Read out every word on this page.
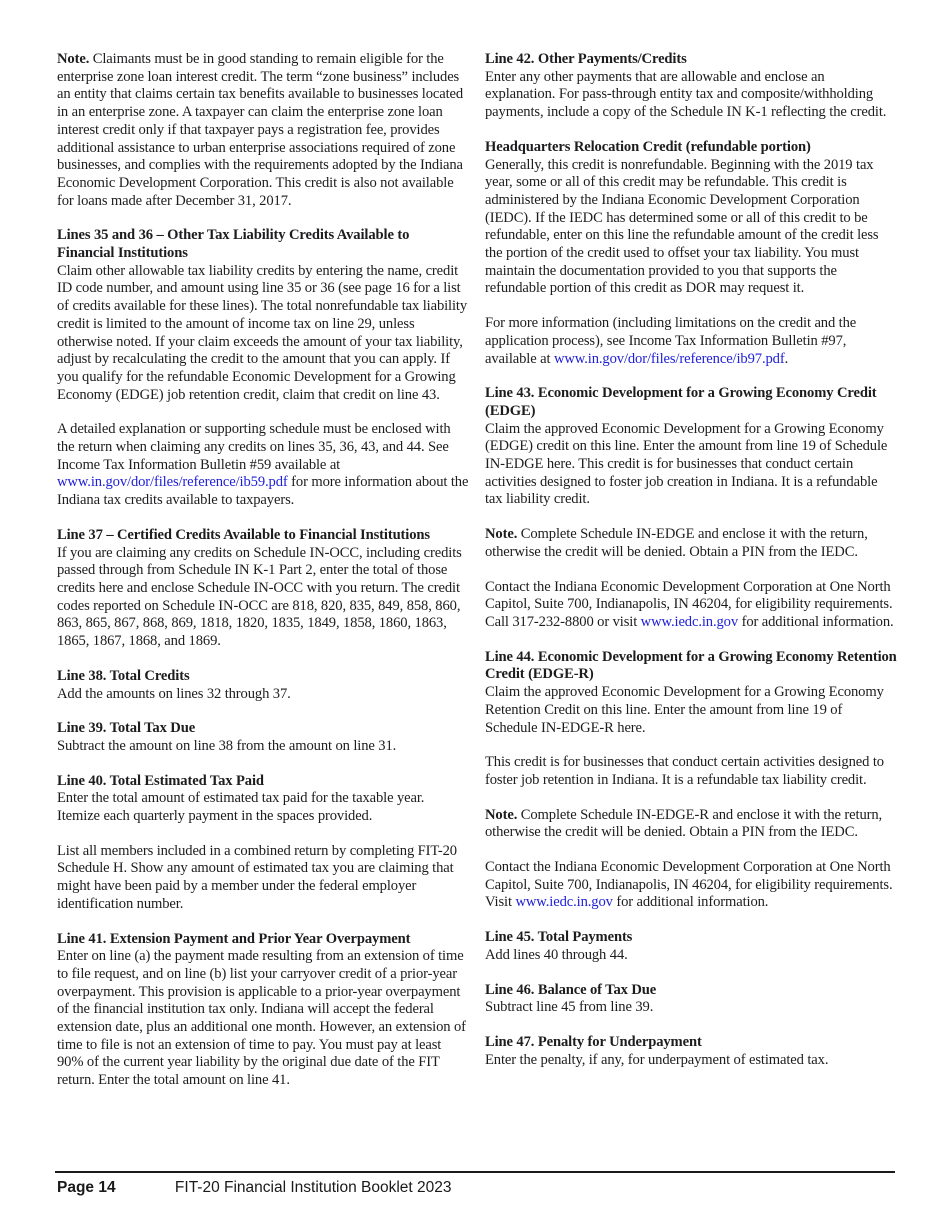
Note. Claimants must be in good standing to remain eligible for the enterprise zone loan interest credit. The term “zone business” includes an entity that claims certain tax benefits available to businesses located in an enterprise zone. A taxpayer can claim the enterprise zone loan interest credit only if that taxpayer pays a registration fee, provides additional assistance to urban enterprise associations required of zone businesses, and complies with the requirements adopted by the Indiana Economic Development Corporation. This credit is also not available for loans made after December 31, 2017.
Lines 35 and 36 – Other Tax Liability Credits Available to Financial Institutions
Claim other allowable tax liability credits by entering the name, credit ID code number, and amount using line 35 or 36 (see page 16 for a list of credits available for these lines). The total nonrefundable tax liability credit is limited to the amount of income tax on line 29, unless otherwise noted. If your claim exceeds the amount of your tax liability, adjust by recalculating the credit to the amount that you can apply. If you qualify for the refundable Economic Development for a Growing Economy (EDGE) job retention credit, claim that credit on line 43.
A detailed explanation or supporting schedule must be enclosed with the return when claiming any credits on lines 35, 36, 43, and 44. See Income Tax Information Bulletin #59 available at www.in.gov/dor/files/reference/ib59.pdf for more information about the Indiana tax credits available to taxpayers.
Line 37 – Certified Credits Available to Financial Institutions
If you are claiming any credits on Schedule IN-OCC, including credits passed through from Schedule IN K-1 Part 2, enter the total of those credits here and enclose Schedule IN-OCC with you return. The credit codes reported on Schedule IN-OCC are 818, 820, 835, 849, 858, 860, 863, 865, 867, 868, 869, 1818, 1820, 1835, 1849, 1858, 1860, 1863, 1865, 1867, 1868, and 1869.
Line 38. Total Credits
Add the amounts on lines 32 through 37.
Line 39. Total Tax Due
Subtract the amount on line 38 from the amount on line 31.
Line 40. Total Estimated Tax Paid
Enter the total amount of estimated tax paid for the taxable year. Itemize each quarterly payment in the spaces provided.
List all members included in a combined return by completing FIT-20 Schedule H. Show any amount of estimated tax you are claiming that might have been paid by a member under the federal employer identification number.
Line 41. Extension Payment and Prior Year Overpayment
Enter on line (a) the payment made resulting from an extension of time to file request, and on line (b) list your carryover credit of a prior-year overpayment. This provision is applicable to a prior-year overpayment of the financial institution tax only. Indiana will accept the federal extension date, plus an additional one month. However, an extension of time to file is not an extension of time to pay. You must pay at least 90% of the current year liability by the original due date of the FIT return. Enter the total amount on line 41.
Line 42. Other Payments/Credits
Enter any other payments that are allowable and enclose an explanation. For pass-through entity tax and composite/withholding payments, include a copy of the Schedule IN K-1 reflecting the credit.
Headquarters Relocation Credit (refundable portion)
Generally, this credit is nonrefundable. Beginning with the 2019 tax year, some or all of this credit may be refundable. This credit is administered by the Indiana Economic Development Corporation (IEDC). If the IEDC has determined some or all of this credit to be refundable, enter on this line the refundable amount of the credit less the portion of the credit used to offset your tax liability. You must maintain the documentation provided to you that supports the refundable portion of this credit as DOR may request it.
For more information (including limitations on the credit and the application process), see Income Tax Information Bulletin #97, available at www.in.gov/dor/files/reference/ib97.pdf.
Line 43. Economic Development for a Growing Economy Credit (EDGE)
Claim the approved Economic Development for a Growing Economy (EDGE) credit on this line. Enter the amount from line 19 of Schedule IN-EDGE here. This credit is for businesses that conduct certain activities designed to foster job creation in Indiana. It is a refundable tax liability credit.
Note. Complete Schedule IN-EDGE and enclose it with the return, otherwise the credit will be denied. Obtain a PIN from the IEDC.
Contact the Indiana Economic Development Corporation at One North Capitol, Suite 700, Indianapolis, IN 46204, for eligibility requirements. Call 317-232-8800 or visit www.iedc.in.gov for additional information.
Line 44. Economic Development for a Growing Economy Retention Credit (EDGE-R)
Claim the approved Economic Development for a Growing Economy Retention Credit on this line. Enter the amount from line 19 of Schedule IN-EDGE-R here.
This credit is for businesses that conduct certain activities designed to foster job retention in Indiana. It is a refundable tax liability credit.
Note. Complete Schedule IN-EDGE-R and enclose it with the return, otherwise the credit will be denied. Obtain a PIN from the IEDC.
Contact the Indiana Economic Development Corporation at One North Capitol, Suite 700, Indianapolis, IN 46204, for eligibility requirements. Visit www.iedc.in.gov for additional information.
Line 45. Total Payments
Add lines 40 through 44.
Line 46. Balance of Tax Due
Subtract line 45 from line 39.
Line 47. Penalty for Underpayment
Enter the penalty, if any, for underpayment of estimated tax.
Page 14	FIT-20 Financial Institution Booklet 2023
